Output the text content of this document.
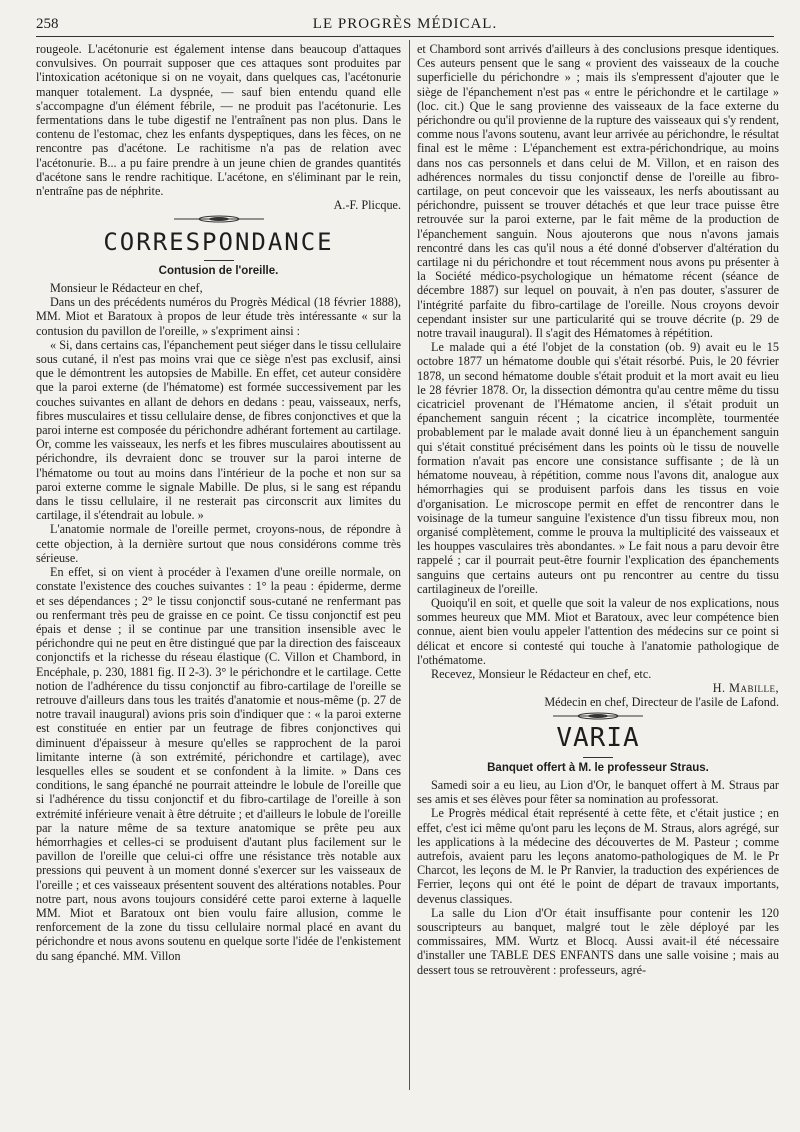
258	LE PROGRÈS MÉDICAL.

rougeole. L'acétonurie est également intense dans beaucoup d'attaques convulsives. On pourrait supposer que ces attaques sont produites par l'intoxication acétonique si on ne voyait, dans quelques cas, l'acétonurie manquer totalement. La dyspnée, — sauf bien entendu quand elle s'accompagne d'un élément fébrile, — ne produit pas l'acétonurie. Les fermentations dans le tube digestif ne l'entraînent pas non plus. Dans le contenu de l'estomac, chez les enfants dyspeptiques, dans les fèces, on ne rencontre pas d'acétone. Le rachitisme n'a pas de relation avec l'acétonurie. B... a pu faire prendre à un jeune chien de grandes quantités d'acétone sans le rendre rachitique. L'acétone, en s'éliminant par le rein, n'entraîne pas de néphrite.

A.-F. Plicque.
CORRESPONDANCE
Contusion de l'oreille.
Monsieur le Rédacteur en chef,

Dans un des précédents numéros du Progrès Médical (18 février 1888), MM. Miot et Baratoux à propos de leur étude très intéressante « sur la contusion du pavillon de l'oreille, » s'expriment ainsi :

« Si, dans certains cas, l'épanchement peut siéger dans le tissu cellulaire sous cutané, il n'est pas moins vrai que ce siège n'est pas exclusif, ainsi que le démontrent les autopsies de Mabille. En effet, cet auteur considère que la paroi externe (de l'hématome) est formée successivement par les couches suivantes en allant de dehors en dedans : peau, vaisseaux, nerfs, fibres musculaires et tissu cellulaire dense, de fibres conjonctives et que la paroi interne est composée du périchondre adhérant fortement au cartilage. Or, comme les vaisseaux, les nerfs et les fibres musculaires aboutissent au périchondre, ils devraient donc se trouver sur la paroi interne de l'hématome ou tout au moins dans l'intérieur de la poche et non sur sa paroi externe comme le signale Mabille. De plus, si le sang est répandu dans le tissu cellulaire, il ne resterait pas circonscrit aux limites du cartilage, il s'étendrait au lobule. »

L'anatomie normale de l'oreille permet, croyons-nous, de répondre à cette objection, à la dernière surtout que nous considérons comme très sérieuse.

En effet, si on vient à procéder à l'examen d'une oreille normale, on constate l'existence des couches suivantes : 1° la peau : épiderme, derme et ses dépendances ; 2° le tissu conjonctif sous-cutané ne renfermant pas ou renfermant très peu de graisse en ce point. Ce tissu conjonctif est peu épais et dense ; il se continue par une transition insensible avec le périchondre qui ne peut en être distingué que par la direction des faisceaux conjonctifs et la richesse du réseau élastique (C. Villon et Chambord, in Encéphale, p. 230, 1881 fig. II 2-3). 3° le périchondre et le cartilage. Cette notion de l'adhérence du tissu conjonctif au fibro-cartilage de l'oreille se retrouve d'ailleurs dans tous les traités d'anatomie et nous-même (p. 27 de notre travail inaugural) avions pris soin d'indiquer que : « la paroi externe est constituée en entier par un feutrage de fibres conjonctives qui diminuent d'épaisseur à mesure qu'elles se rapprochent de la paroi limitante interne (à son extrémité, périchondre et cartilage), avec lesquelles elles se soudent et se confondent à la limite. » Dans ces conditions, le sang épanché ne pourrait atteindre le lobule de l'oreille que si l'adhérence du tissu conjonctif et du fibro-cartilage de l'oreille à son extrémité inférieure venait à être détruite ; et d'ailleurs le lobule de l'oreille par la nature même de sa texture anatomique se prête peu aux hémorrhagies et celles-ci se produisent d'autant plus facilement sur le pavillon de l'oreille que celui-ci offre une résistance très notable aux pressions qui peuvent à un moment donné s'exercer sur les vaisseaux de l'oreille ; et ces vaisseaux présentent souvent des altérations notables. Pour notre part, nous avons toujours considéré cette paroi externe à laquelle MM. Miot et Baratoux ont bien voulu faire allusion, comme le renforcement de la zone du tissu cellulaire normal placé en avant du périchondre et nous avons soutenu en quelque sorte l'idée de l'enkistement du sang épanché. MM. Villon

et Chambord sont arrivés d'ailleurs à des conclusions presque identiques. Ces auteurs pensent que le sang « provient des vaisseaux de la couche superficielle du périchondre » ; mais ils s'empressent d'ajouter que le siège de l'épanchement n'est pas « entre le périchondre et le cartilage » (loc. cit.) Que le sang provienne des vaisseaux de la face externe du périchondre ou qu'il provienne de la rupture des vaisseaux qui s'y rendent, comme nous l'avons soutenu, avant leur arrivée au périchondre, le résultat final est le même : L'épanchement est extra-périchondrique, au moins dans nos cas personnels et dans celui de M. Villon, et en raison des adhérences normales du tissu conjonctif dense de l'oreille au fibro-cartilage, on peut concevoir que les vaisseaux, les nerfs aboutissant au périchondre, puissent se trouver détachés et que leur trace puisse être retrouvée sur la paroi externe, par le fait même de la production de l'épanchement sanguin. Nous ajouterons que nous n'avons jamais rencontré dans les cas qu'il nous a été donné d'observer d'altération du cartilage ni du périchondre et tout récemment nous avons pu présenter à la Société médico-psychologique un hématome récent (séance de décembre 1887) sur lequel on pouvait, à n'en pas douter, s'assurer de l'intégrité parfaite du fibro-cartilage de l'oreille. Nous croyons devoir cependant insister sur une particularité qui se trouve décrite (p. 29 de notre travail inaugural). Il s'agit des Hématomes à répétition.

Le malade qui a été l'objet de la constation (ob. 9) avait eu le 15 octobre 1877 un hématome double qui s'était résorbé. Puis, le 20 février 1878, un second hématome double s'était produit et la mort avait eu lieu le 28 février 1878. Or, la dissection démontra qu'au centre même du tissu cicatriciel provenant de l'Hématome ancien, il s'était produit un épanchement sanguin récent ; la cicatrice incomplète, tourmentée probablement par le malade avait donné lieu à un épanchement sanguin qui s'était constitué précisément dans les points où le tissu de nouvelle formation n'avait pas encore une consistance suffisante ; de là un hématome nouveau, à répétition, comme nous l'avons dit, analogue aux hémorrhagies qui se produisent parfois dans les tissus en voie d'organisation. Le microscope permit en effet de rencontrer dans le voisinage de la tumeur sanguine l'existence d'un tissu fibreux mou, non organisé complètement, comme le prouva la multiplicité des vaisseaux et les houppes vasculaires très abondantes. » Le fait nous a paru devoir être rappelé ; car il pourrait peut-être fournir l'explication des épanchements sanguins que certains auteurs ont pu rencontrer au centre du tissu cartilagineux de l'oreille.

Quoiqu'il en soit, et quelle que soit la valeur de nos explications, nous sommes heureux que MM. Miot et Baratoux, avec leur compétence bien connue, aient bien voulu appeler l'attention des médecins sur ce point si délicat et encore si contesté qui touche à l'anatomie pathologique de l'othématome.

Recevez, Monsieur le Rédacteur en chef, etc.
H. Mabille,
Médecin en chef, Directeur de l'asile de Lafond.
VARIA
Banquet offert à M. le professeur Straus.

Samedi soir a eu lieu, au Lion d'Or, le banquet offert à M. Straus par ses amis et ses élèves pour fêter sa nomination au professorat.

Le Progrès médical était représenté à cette fête, et c'était justice ; en effet, c'est ici même qu'ont paru les leçons de M. Straus, alors agrégé, sur les applications à la médecine des découvertes de M. Pasteur ; comme autrefois, avaient paru les leçons anatomo-pathologiques de M. le Pr Charcot, les leçons de M. le Pr Ranvier, la traduction des expériences de Ferrier, leçons qui ont été le point de départ de travaux importants, devenus classiques.

La salle du Lion d'Or était insuffisante pour contenir les 120 souscripteurs au banquet, malgré tout le zèle déployé par les commissaires, MM. Wurtz et Blocq. Aussi avait-il été nécessaire d'installer une TABLE DES ENFANTS dans une salle voisine ; mais au dessert tous se retrouvèrent : professeurs, agré-
